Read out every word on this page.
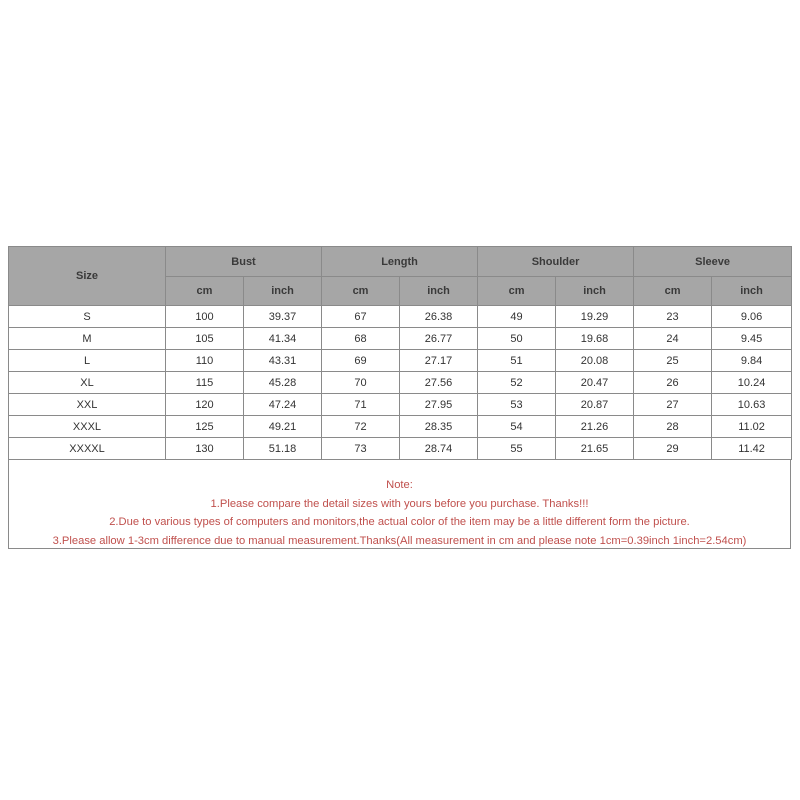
Size	Bust		Length		Shoulder		Sleeve	
	cm	inch	cm	inch	cm	inch	cm	inch
S	100	39.37	67	26.38	49	19.29	23	9.06
M	105	41.34	68	26.77	50	19.68	24	9.45
L	110	43.31	69	27.17	51	20.08	25	9.84
XL	115	45.28	70	27.56	52	20.47	26	10.24
XXL	120	47.24	71	27.95	53	20.87	27	10.63
XXXL	125	49.21	72	28.35	54	21.26	28	11.02
XXXXL	130	51.18	73	28.74	55	21.65	29	11.42
Note:
1.Please compare the detail sizes with yours before you purchase. Thanks!!!
2.Due to various types of computers and monitors,the actual color of the item may be a little different form the picture.
3.Please allow 1-3cm difference due to manual measurement.Thanks(All measurement in cm and please note 1cm=0.39inch 1inch=2.54cm)
